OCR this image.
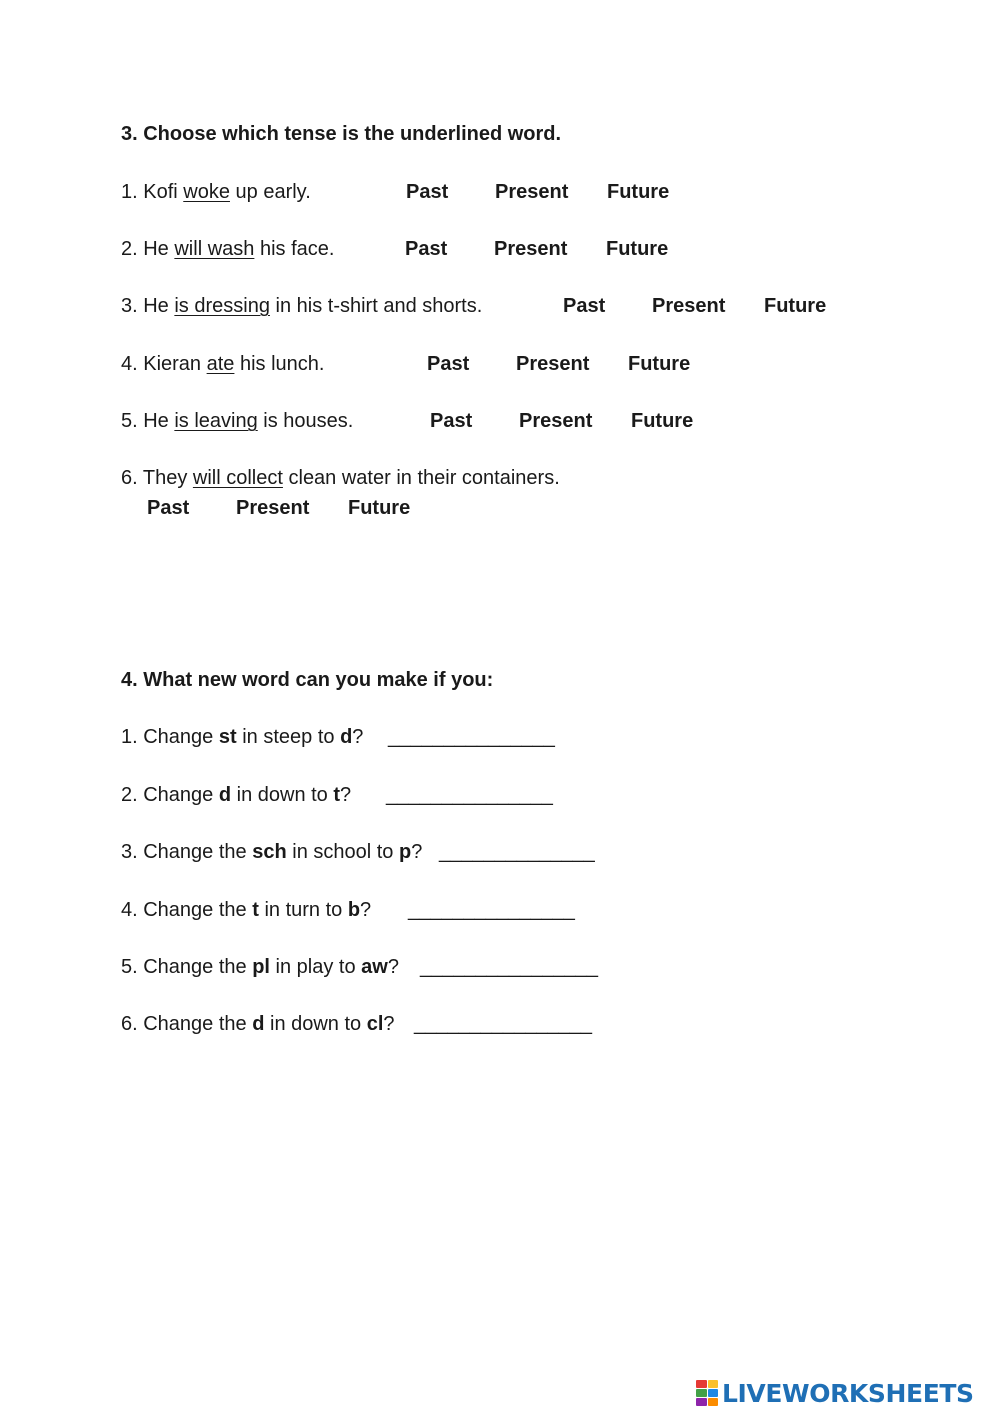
3. Choose which tense is the underlined word.
1. Kofi woke up early.	Past Present Future
2. He will wash his face.	Past Present Future
3. He is dressing in his t-shirt and shorts.	Past Present Future
4. Kieran ate his lunch.	Past Present Future
5. He is leaving is houses.	Past Present Future
6. They will collect clean water in their containers.
Past Present Future
4. What new word can you make if you:
1. Change st in steep to d? _______________
2. Change d in down to t? _______________
3. Change the sch in school to p? ______________
4. Change the t in turn to b? _______________
5. Change the pl in play to aw? ________________
6. Change the d in down to cl? ________________
LIVEWORKSHEETS
